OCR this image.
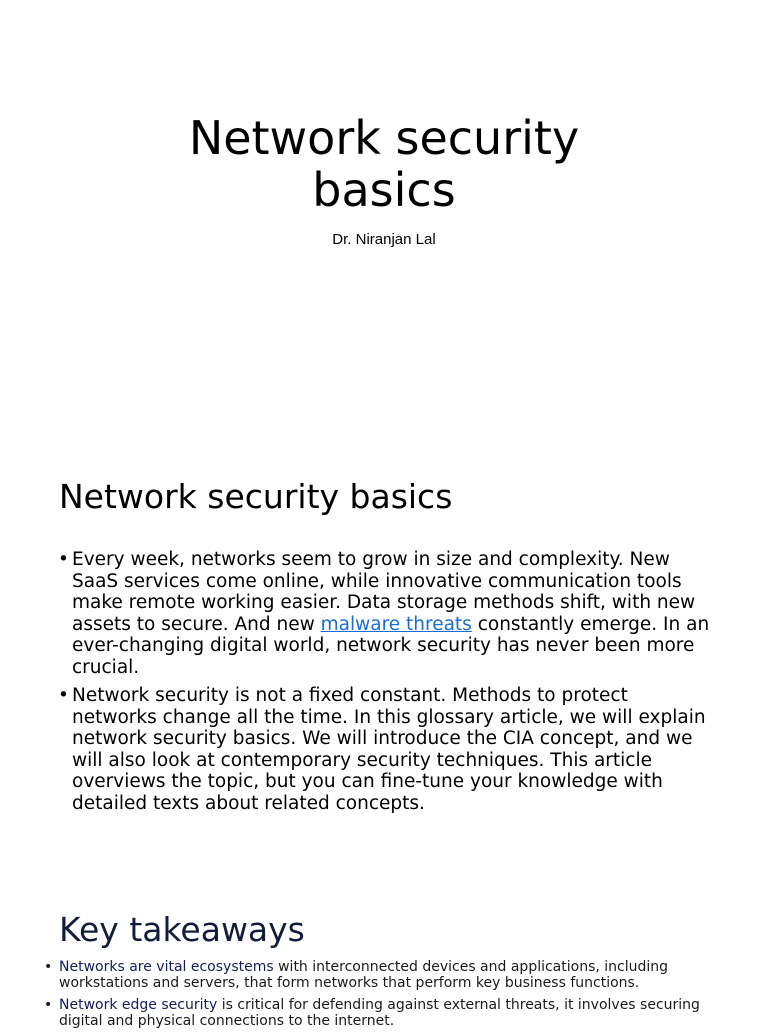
Network security
basics
Dr. Niranjan Lal
Network security basics
• Every week, networks seem to grow in size and complexity. New SaaS services come online, while innovative communication tools make remote working easier. Data storage methods shift, with new assets to secure. And new malware threats constantly emerge. In an ever-changing digital world, network security has never been more crucial.
• Network security is not a fixed constant. Methods to protect networks change all the time. In this glossary article, we will explain network security basics. We will introduce the CIA concept, and we will also look at contemporary security techniques. This article overviews the topic, but you can fine-tune your knowledge with detailed texts about related concepts.
Key takeaways
• Networks are vital ecosystems with interconnected devices and applications, including workstations and servers, that form networks that perform key business functions.
• Network edge security is critical for defending against external threats, it involves securing digital and physical connections to the internet.
